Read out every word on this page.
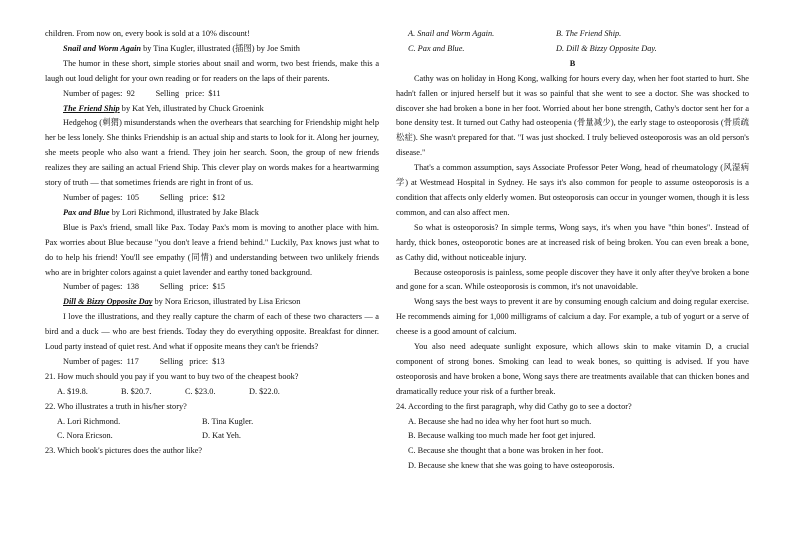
children. From now on, every book is sold at a 10% discount!

Snail and Worm Again by Tina Kugler, illustrated (插图) by Joe Smith

The humor in these short, simple stories about snail and worm, two best friends, make this a laugh out loud delight for your own reading or for readers on the laps of their parents.

Number of pages:  92          Selling   price:  $11

The Friend Ship by Kat Yeh, illustrated by Chuck Groenink

Hedgehog (刺猬) misunderstands when the overhears that searching for Friendship might help her be less lonely. She thinks Friendship is an actual ship and starts to look for it. Along her journey, she meets people who also want a friend. They join her search. Soon, the group of new friends realizes they are sailing an actual Friend Ship. This clever play on words makes for a heartwarming story of truth — that sometimes friends are right in front of us.

Number of pages:  105          Selling   price:  $12

Pax and Blue by Lori Richmond, illustrated by Jake Black

Blue is Pax's friend, small like Pax. Today Pax's mom is moving to another place with him. Pax worries about Blue because "you don't leave a friend behind." Luckily, Pax knows just what to do to help his friend! You'll see empathy (同情) and understanding between two unlikely friends who are in brighter colors against a quiet lavender and earthy toned background.

Number of pages:  138          Selling   price:  $15

Dill & Bizzy Opposite Day by Nora Ericson, illustrated by Lisa Ericson

I love the illustrations, and they really capture the charm of each of these two characters — a bird and a duck — who are best friends. Today they do everything opposite. Breakfast for dinner. Loud party instead of quiet rest. And what if opposite means they can't be friends?

Number of pages:  117          Selling   price:  $13

21. How much should you pay if you want to buy two of the cheapest book?

A. $19.8.	B. $20.7.	C. $23.0.	D. $22.0.

22. Who illustrates a truth in his/her story?

A. Lori Richmond.	B. Tina Kugler.
C. Nora Ericson.	D. Kat Yeh.

23. Which book's pictures does the author like?

A. Snail and Worm Again.	B. The Friend Ship.
C. Pax and Blue.	D. Dill & Bizzy Opposite Day.
B

Cathy was on holiday in Hong Kong, walking for hours every day, when her foot started to hurt. She hadn't fallen or injured herself but it was so painful that she went to see a doctor. She was shocked to discover she had broken a bone in her foot. Worried about her bone strength, Cathy's doctor sent her for a bone density test. It turned out Cathy had osteopenia (骨量减少), the early stage to osteoporosis (骨质疏松症). She wasn't prepared for that. "I was just shocked. I truly believed osteoporosis was an old person's disease."

That's a common assumption, says Associate Professor Peter Wong, head of rheumatology (风湿病学) at Westmead Hospital in Sydney. He says it's also common for people to assume osteoporosis is a condition that affects only elderly women. But osteoporosis can occur in younger women, though it is less common, and can also affect men.

So what is osteoporosis? In simple terms, Wong says, it's when you have "thin bones". Instead of hardy, thick bones, osteoporotic bones are at increased risk of being broken. You can even break a bone, as Cathy did, without noticeable injury.

Because osteoporosis is painless, some people discover they have it only after they've broken a bone and gone for a scan. While osteoporosis is common, it's not unavoidable.

Wong says the best ways to prevent it are by consuming enough calcium and doing regular exercise. He recommends aiming for 1,000 milligrams of calcium a day. For example, a tub of yogurt or a serve of cheese is a good amount of calcium.

You also need adequate sunlight exposure, which allows skin to make vitamin D, a crucial component of strong bones. Smoking can lead to weak bones, so quitting is advised. If you have osteoporosis and have broken a bone, Wong says there are treatments available that can thicken bones and dramatically reduce your risk of a further break.

24. According to the first paragraph, why did Cathy go to see a doctor?

A. Because she had no idea why her foot hurt so much.
B. Because walking too much made her foot get injured.
C. Because she thought that a bone was broken in her foot.
D. Because she knew that she was going to have osteoporosis.
